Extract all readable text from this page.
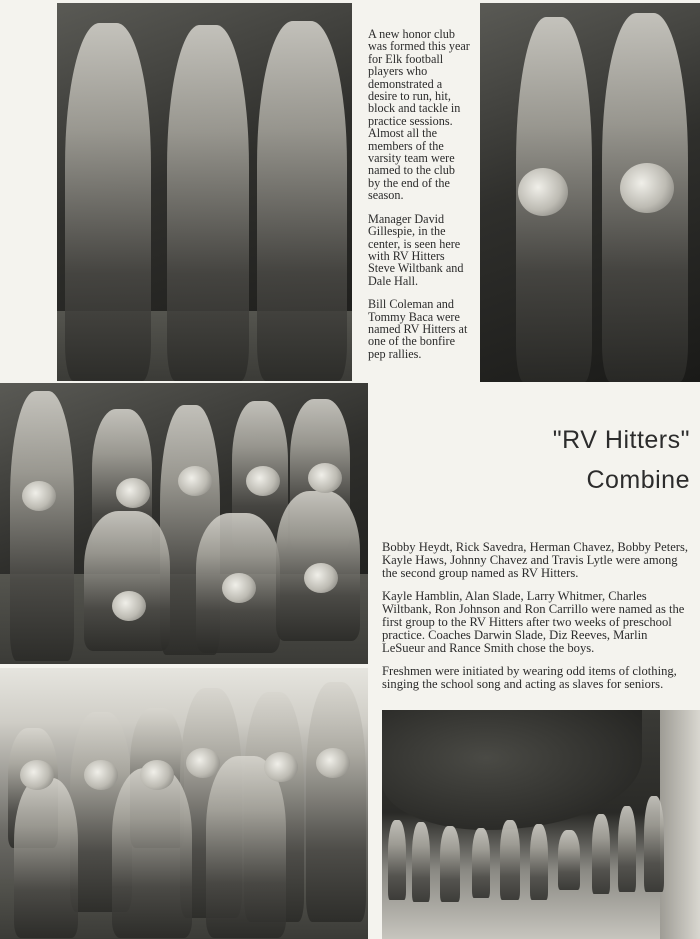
A new honor club was formed this year for Elk football players who demonstrated a desire to run, hit, block and tackle in practice sessions. Almost all the members of the varsity team were named to the club by the end of the season.

Manager David Gillespie, in the center, is seen here with RV Hitters Steve Wiltbank and Dale Hall.

Bill Coleman and Tommy Baca were named RV Hitters at one of the bonfire pep rallies.

"RV Hitters"
Combine

Bobby Heydt, Rick Savedra, Herman Chavez, Bobby Peters, Kayle Haws, Johnny Chavez and Travis Lytle were among the second group named as RV Hitters.

Kayle Hamblin, Alan Slade, Larry Whitmer, Charles Wiltbank, Ron Johnson and Ron Carrillo were named as the first group to the RV Hitters after two weeks of preschool practice. Coaches Darwin Slade, Diz Reeves, Marlin LeSueur and Rance Smith chose the boys.

Freshmen were initiated by wearing odd items of clothing, singing the school song and acting as slaves for seniors.
